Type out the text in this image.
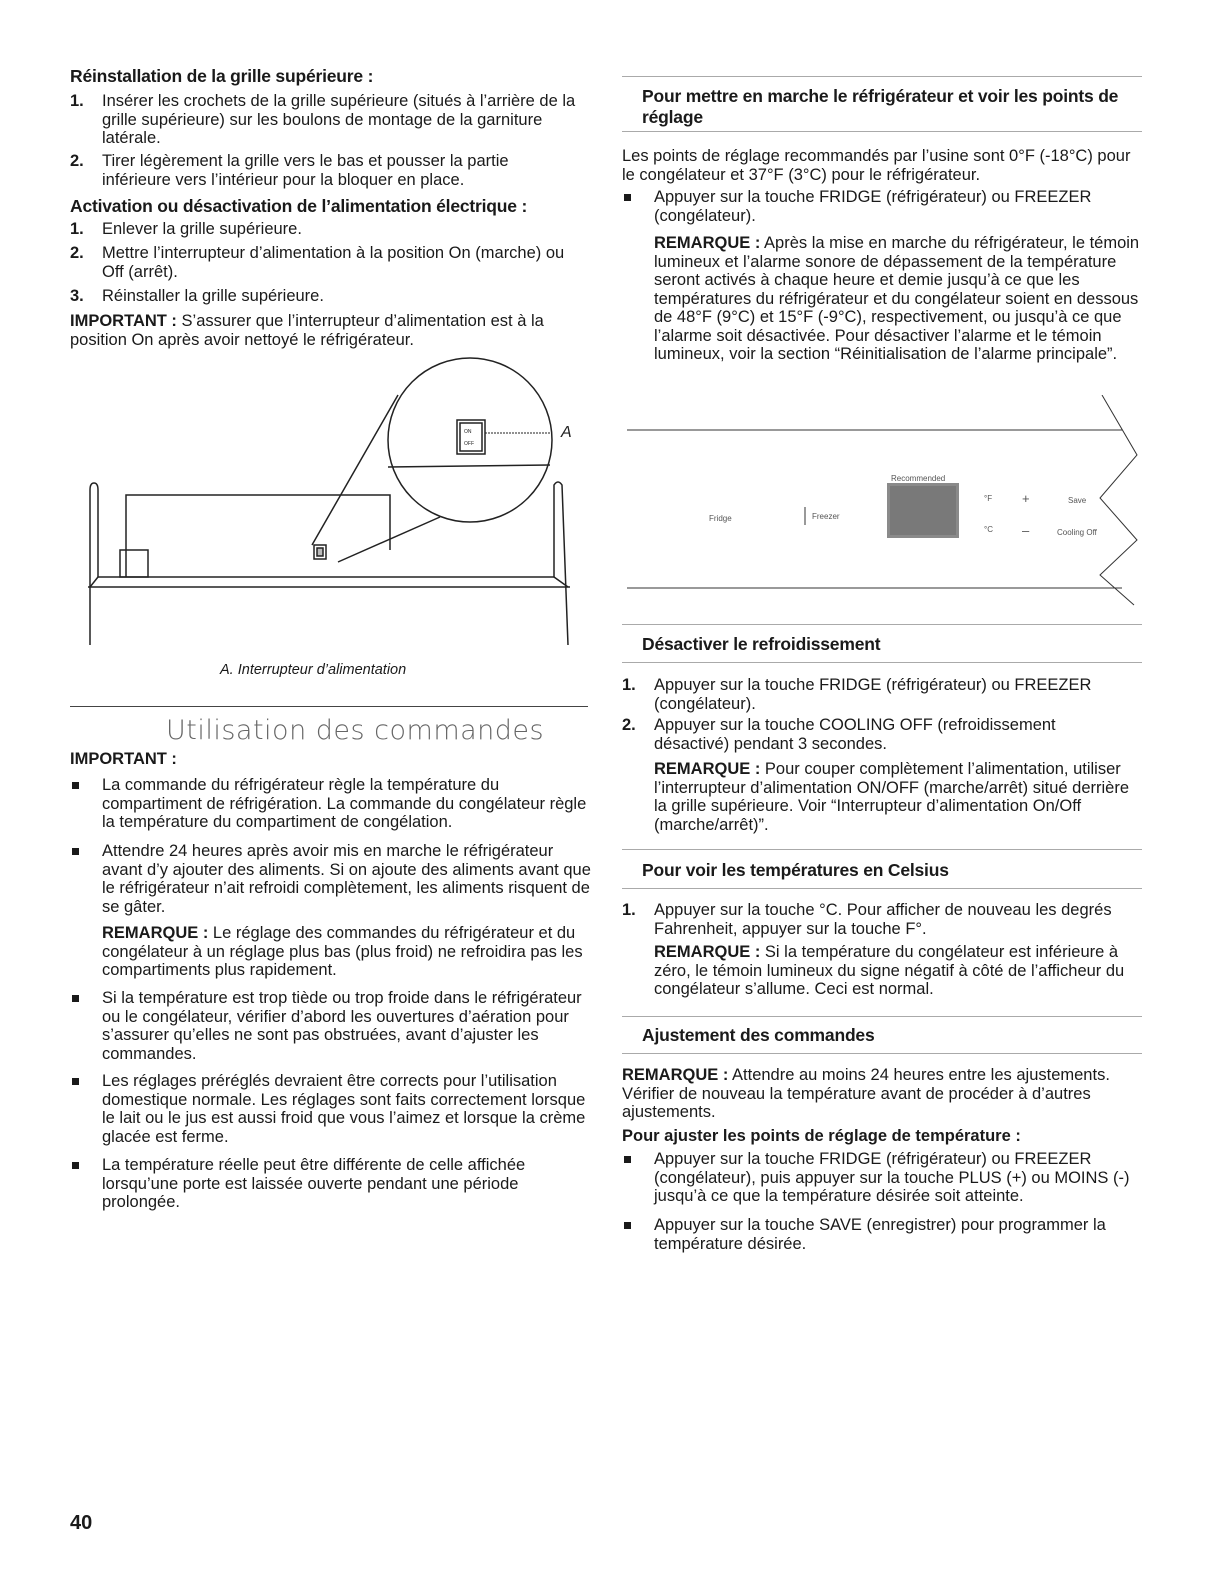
Réinstallation de la grille supérieure :
1. Insérer les crochets de la grille supérieure (situés à l’arrière de la grille supérieure) sur les boulons de montage de la garniture latérale.
2. Tirer légèrement la grille vers le bas et pousser la partie inférieure vers l’intérieur pour la bloquer en place.
Activation ou désactivation de l’alimentation électrique :
1. Enlever la grille supérieure.
2. Mettre l’interrupteur d’alimentation à la position On (marche) ou Off (arrêt).
3. Réinstaller la grille supérieure.
IMPORTANT : S’assurer que l’interrupteur d’alimentation est à la position On après avoir nettoyé le réfrigérateur.
ON
OFF
A
A. Interrupteur d’alimentation
Utilisation des commandes
IMPORTANT :
La commande du réfrigérateur règle la température du compartiment de réfrigération. La commande du congélateur règle la température du compartiment de congélation.
Attendre 24 heures après avoir mis en marche le réfrigérateur avant d’y ajouter des aliments. Si on ajoute des aliments avant que le réfrigérateur n’ait refroidi complètement, les aliments risquent de se gâter.
REMARQUE : Le réglage des commandes du réfrigérateur et du congélateur à un réglage plus bas (plus froid) ne refroidira pas les compartiments plus rapidement.
Si la température est trop tiède ou trop froide dans le réfrigérateur ou le congélateur, vérifier d’abord les ouvertures d’aération pour s’assurer qu’elles ne sont pas obstruées, avant d’ajuster les commandes.
Les réglages préréglés devraient être corrects pour l’utilisation domestique normale. Les réglages sont faits correctement lorsque le lait ou le jus est aussi froid que vous l’aimez et lorsque la crème glacée est ferme.
La température réelle peut être différente de celle affichée lorsqu’une porte est laissée ouverte pendant une période prolongée.
Pour mettre en marche le réfrigérateur et voir les points de réglage
Les points de réglage recommandés par l’usine sont 0°F (-18°C) pour le congélateur et 37°F (3°C) pour le réfrigérateur.
Appuyer sur la touche FRIDGE (réfrigérateur) ou FREEZER (congélateur).
REMARQUE : Après la mise en marche du réfrigérateur, le témoin lumineux et l’alarme sonore de dépassement de la température seront activés à chaque heure et demie jusqu’à ce que les températures du réfrigérateur et du congélateur soient en dessous de 48°F (9°C) et 15°F (-9°C), respectivement, ou jusqu’à ce que l’alarme soit désactivée. Pour désactiver l’alarme et le témoin lumineux, voir la section “Réinitialisation de l’alarme principale”.
Recommended
Fridge	Freezer
°F
°C
+
–
Save
Cooling Off
Désactiver le refroidissement
1. Appuyer sur la touche FRIDGE (réfrigérateur) ou FREEZER (congélateur).
2. Appuyer sur la touche COOLING OFF (refroidissement désactivé) pendant 3 secondes.
REMARQUE : Pour couper complètement l’alimentation, utiliser l’interrupteur d’alimentation ON/OFF (marche/arrêt) situé derrière la grille supérieure. Voir “Interrupteur d’alimentation On/Off (marche/arrêt)”.
Pour voir les températures en Celsius
1. Appuyer sur la touche °C. Pour afficher de nouveau les degrés Fahrenheit, appuyer sur la touche F°.
REMARQUE : Si la température du congélateur est inférieure à zéro, le témoin lumineux du signe négatif à côté de l’afficheur du congélateur s’allume. Ceci est normal.
Ajustement des commandes
REMARQUE : Attendre au moins 24 heures entre les ajustements. Vérifier de nouveau la température avant de procéder à d’autres ajustements.
Pour ajuster les points de réglage de température :
Appuyer sur la touche FRIDGE (réfrigérateur) ou FREEZER (congélateur), puis appuyer sur la touche PLUS (+) ou MOINS (-) jusqu’à ce que la température désirée soit atteinte.
Appuyer sur la touche SAVE (enregistrer) pour programmer la température désirée.
40
